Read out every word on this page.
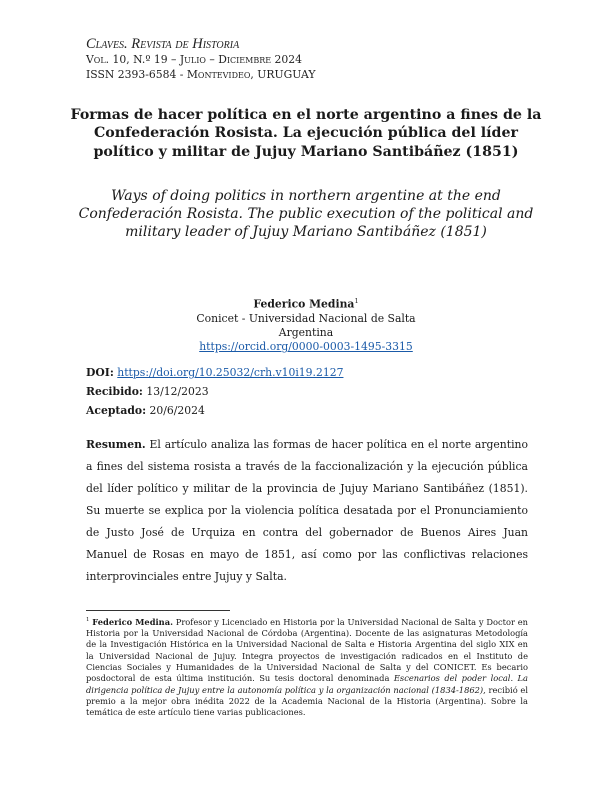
Claves. Revista de Historia
Vol. 10, N.º 19 – Julio – Diciembre 2024
ISSN 2393-6584 - Montevideo, URUGUAY
Formas de hacer política en el norte argentino a fines de la Confederación Rosista. La ejecución pública del líder político y militar de Jujuy Mariano Santibáñez (1851)
Ways of doing politics in northern argentine at the end Confederación Rosista. The public execution of the political and military leader of Jujuy Mariano Santibáñez (1851)
Federico Medina$^1$
Conicet - Universidad Nacional de Salta
Argentina
https://orcid.org/0000-0003-1495-3315
DOI: https://doi.org/10.25032/crh.v10i19.2127
Recibido: 13/12/2023
Aceptado: 20/6/2024
Resumen. El artículo analiza las formas de hacer política en el norte argentino a fines del sistema rosista a través de la faccionalización y la ejecución pública del líder político y militar de la provincia de Jujuy Mariano Santibáñez (1851). Su muerte se explica por la violencia política desatada por el Pronunciamiento de Justo José de Urquiza en contra del gobernador de Buenos Aires Juan Manuel de Rosas en mayo de 1851, así como por las conflictivas relaciones interprovinciales entre Jujuy y Salta.
$^1$ Federico Medina. Profesor y Licenciado en Historia por la Universidad Nacional de Salta y Doctor en Historia por la Universidad Nacional de Córdoba (Argentina). Docente de las asignaturas Metodología de la Investigación Histórica en la Universidad Nacional de Salta e Historia Argentina del siglo XIX en la Universidad Nacional de Jujuy. Integra proyectos de investigación radicados en el Instituto de Ciencias Sociales y Humanidades de la Universidad Nacional de Salta y del CONICET. Es becario posdoctoral de esta última institución. Su tesis doctoral denominada Escenarios del poder local. La dirigencia política de Jujuy entre la autonomía política y la organización nacional (1834-1862), recibió el premio a la mejor obra inédita 2022 de la Academia Nacional de la Historia (Argentina). Sobre la temática de este artículo tiene varias publicaciones.
